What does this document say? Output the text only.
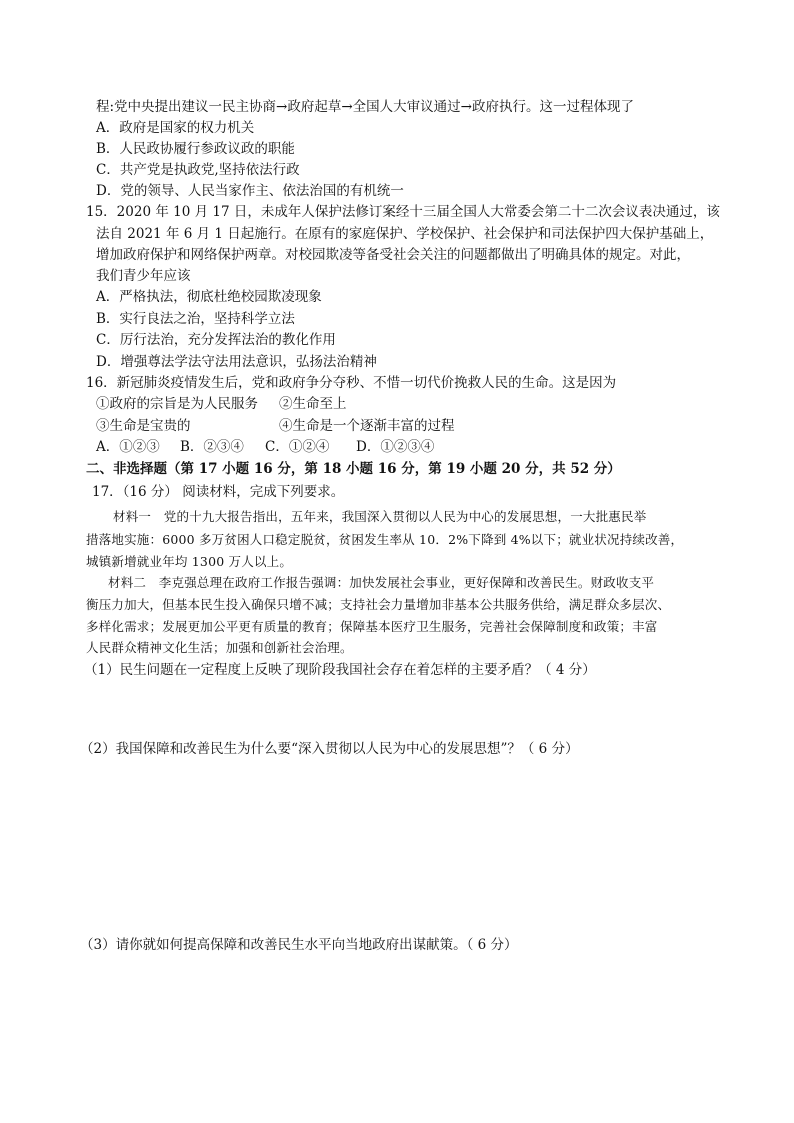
程:党中央提出建议一民主协商→政府起草→全国人大审议通过→政府执行。这一过程体现了
A．政府是国家的权力机关
B．人民政协履行参政议政的职能
C．共产党是执政党,坚持依法行政
D．党的领导、人民当家作主、依法治国的有机统一
15．2020 年 10 月 17 日，未成年人保护法修订案经十三届全国人大常委会第二十二次会议表决通过，该
法自 2021 年 6 月 1 日起施行。在原有的家庭保护、学校保护、社会保护和司法保护四大保护基础上，
增加政府保护和网络保护两章。对校园欺凌等备受社会关注的问题都做出了明确具体的规定。对此，
我们青少年应该
A．严格执法，彻底杜绝校园欺凌现象
B．实行良法之治，坚持科学立法
C．厉行法治，充分发挥法治的教化作用
D．增强尊法学法守法用法意识，弘扬法治精神
16．新冠肺炎疫情发生后，党和政府争分夺秒、不惜一切代价挽救人民的生命。这是因为
①政府的宗旨是为人民服务 ②生命至上
③生命是宝贵的	④生命是一个逐渐丰富的过程
A．①②③ B．②③④ C．①②④ D．①②③④
二、非选择题（第 17 小题 16 分，第 18 小题 16 分，第 19 小题 20 分，共 52 分）
17．（16 分） 阅读材料，完成下列要求。
材料一　党的十九大报告指出，五年来，我国深入贯彻以人民为中心的发展思想，一大批惠民举
措落地实施：6000 多万贫困人口稳定脱贫，贫困发生率从 10．2%下降到 4%以下；就业状况持续改善，
城镇新增就业年均 1300 万人以上。
材料二　李克强总理在政府工作报告强调：加快发展社会事业，更好保障和改善民生。财政收支平
衡压力加大，但基本民生投入确保只增不减；支持社会力量增加非基本公共服务供给，满足群众多层次、
多样化需求；发展更加公平更有质量的教育；保障基本医疗卫生服务，完善社会保障制度和政策；丰富
人民群众精神文化生活；加强和创新社会治理。
（1）民生问题在一定程度上反映了现阶段我国社会存在着怎样的主要矛盾？（ 4 分）
（2）我国保障和改善民生为什么要“深入贯彻以人民为中心的发展思想”？（ 6 分）
（3）请你就如何提高保障和改善民生水平向当地政府出谋献策。（ 6 分）
